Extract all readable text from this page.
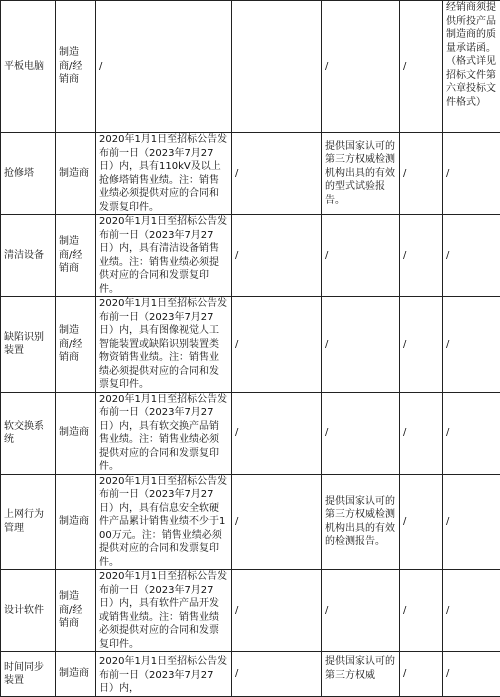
平板电脑	制造商/经销商	/		/	/	经销商须提供所投产品制造商的质量承诺函。（格式详见招标文件第六章投标文件格式）
抢修塔	制造商	2020年1月1日至招标公告发布前一日（2023年7月27日）内，具有110kV及以上抢修塔销售业绩。注：销售业绩必须提供对应的合同和发票复印件。	/	提供国家认可的第三方权威检测机构出具的有效的型式试验报告。	/	/
清洁设备	制造商/经销商	2020年1月1日至招标公告发布前一日（2023年7月27日）内，具有清洁设备销售业绩。注：销售业绩必须提供对应的合同和发票复印件。	/	/	/	/
缺陷识别装置	制造商/经销商	2020年1月1日至招标公告发布前一日（2023年7月27日）内，具有图像视觉人工智能装置或缺陷识别装置类物资销售业绩。注：销售业绩必须提供对应的合同和发票复印件。	/	/	/	/
软交换系统	制造商	2020年1月1日至招标公告发布前一日（2023年7月27日）内，具有软交换产品销售业绩。注：销售业绩必须提供对应的合同和发票复印件。	/	/	/	/
上网行为管理	制造商	2020年1月1日至招标公告发布前一日（2023年7月27日）内，具有信息安全软硬件产品累计销售业绩不少于100万元。注：销售业绩必须提供对应的合同和发票复印件。	/	提供国家认可的第三方权威检测机构出具的有效的检测报告。	/	/
设计软件	制造商/经销商	2020年1月1日至招标公告发布前一日（2023年7月27日）内，具有软件产品开发或销售业绩。注：销售业绩必须提供对应的合同和发票复印件。	/	/	/	/
时间同步装置	制造商	2020年1月1日至招标公告发布前一日（2023年7月27日）内，	/	提供国家认可的第三方权威	/	/
